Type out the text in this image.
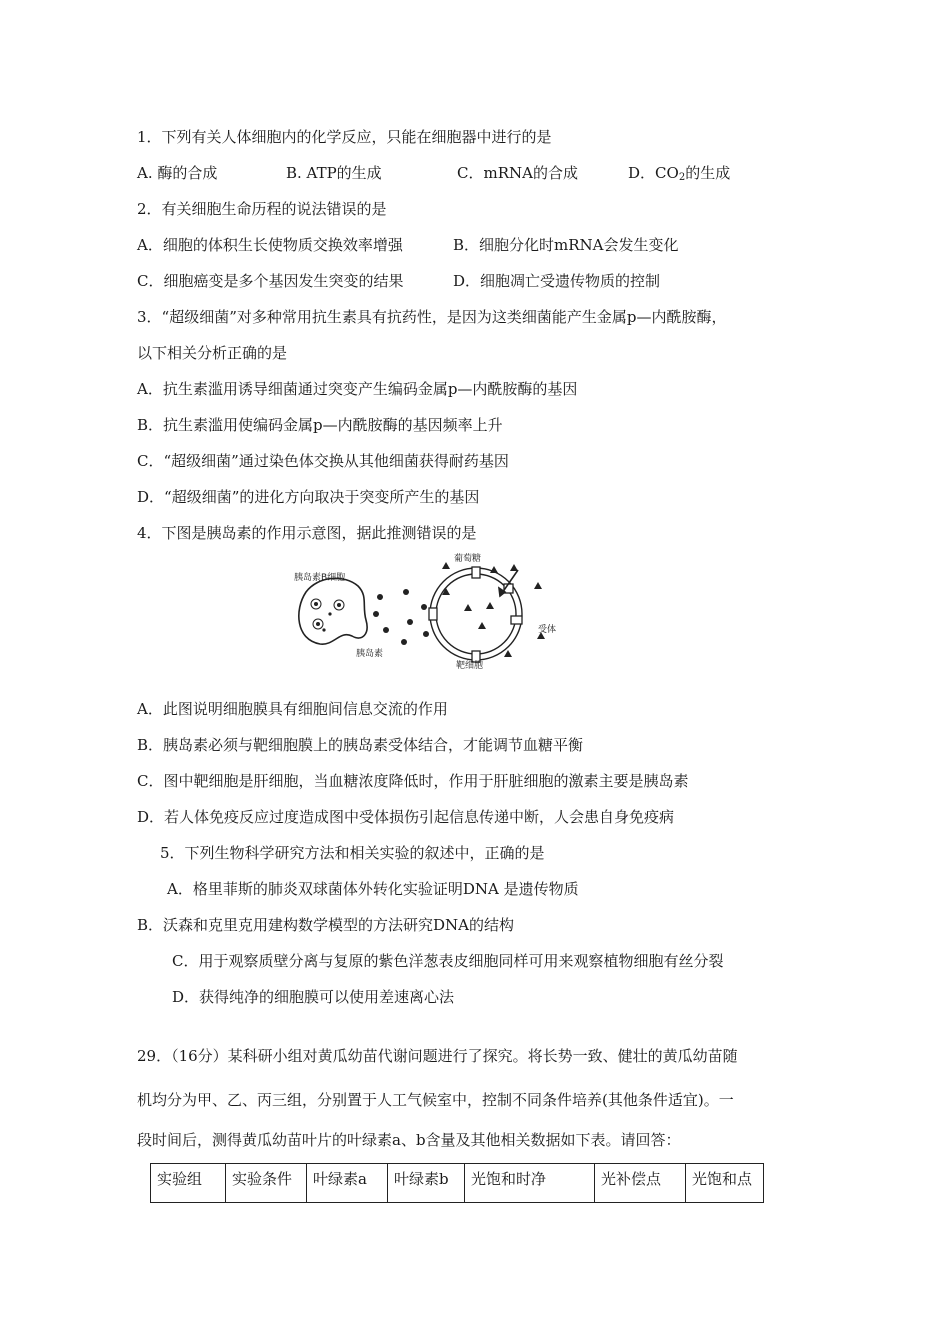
1．下列有关人体细胞内的化学反应，只能在细胞器中进行的是
A. 酶的合成	B. ATP的生成	C．mRNA的合成	D．$CO_2$的生成
2．有关细胞生命历程的说法错误的是
A．细胞的体积生长使物质交换效率增强	B．细胞分化时mRNA会发生变化
C．细胞癌变是多个基因发生突变的结果	D．细胞凋亡受遗传物质的控制
3．“超级细菌”对多种常用抗生素具有抗药性，是因为这类细菌能产生金属p—内酰胺酶，
以下相关分析正确的是
A．抗生素滥用诱导细菌通过突变产生编码金属p—内酰胺酶的基因
B．抗生素滥用使编码金属p—内酰胺酶的基因频率上升
C．“超级细菌”通过染色体交换从其他细菌获得耐药基因
D．“超级细菌”的进化方向取决于突变所产生的基因
4．下图是胰岛素的作用示意图，据此推测错误的是
葡萄糖
胰岛素B细胞
受体
胰岛素
靶细胞
A．此图说明细胞膜具有细胞间信息交流的作用
B．胰岛素必须与靶细胞膜上的胰岛素受体结合，才能调节血糖平衡
C．图中靶细胞是肝细胞，当血糖浓度降低时，作用于肝脏细胞的激素主要是胰岛素
D．若人体免疫反应过度造成图中受体损伤引起信息传递中断，人会患自身免疫病
5．下列生物科学研究方法和相关实验的叙述中，正确的是
A．格里菲斯的肺炎双球菌体外转化实验证明DNA 是遗传物质
B．沃森和克里克用建构数学模型的方法研究DNA的结构
C．用于观察质壁分离与复原的紫色洋葱表皮细胞同样可用来观察植物细胞有丝分裂
D．获得纯净的细胞膜可以使用差速离心法
29．（16分）某科研小组对黄瓜幼苗代谢问题进行了探究。将长势一致、健壮的黄瓜幼苗随
机均分为甲、乙、丙三组，分别置于人工气候室中，控制不同条件培养(其他条件适宜)。一
段时间后，测得黄瓜幼苗叶片的叶绿素a、b含量及其他相关数据如下表。请回答：
实验组	实验条件	叶绿素a	叶绿素b	光饱和时净	光补偿点	光饱和点
